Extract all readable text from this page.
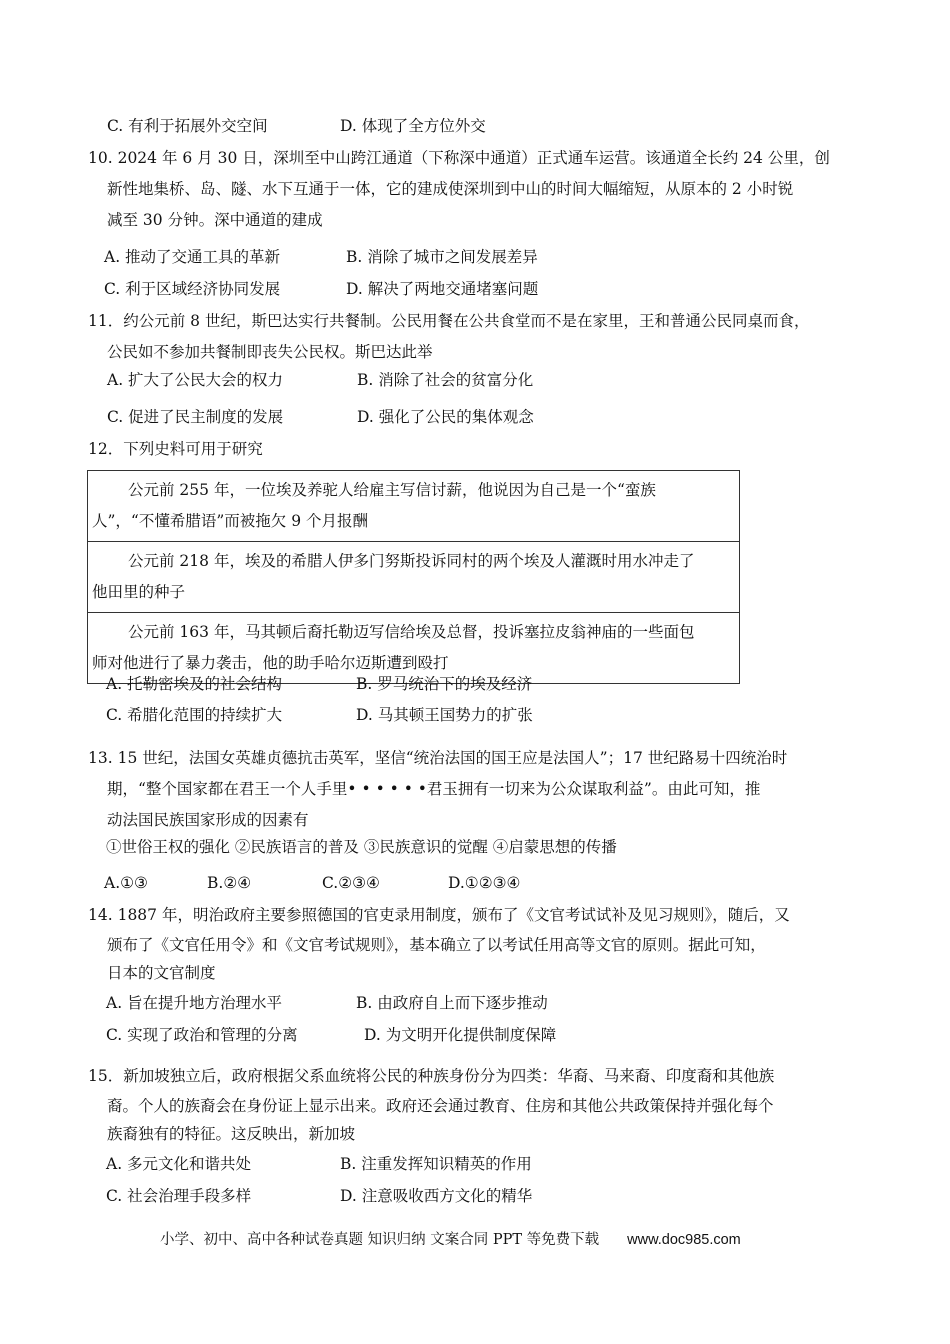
C. 有利于拓展外交空间	D. 体现了全方位外交
10. 2024 年 6 月 30 日，深圳至中山跨江通道（下称深中通道）正式通车运营。该通道全长约 24 公里，创
新性地集桥、岛、隧、水下互通于一体，它的建成使深圳到中山的时间大幅缩短，从原本的 2 小时锐
减至 30 分钟。深中通道的建成
A. 推动了交通工具的革新	B. 消除了城市之间发展差异
C. 利于区域经济协同发展	D. 解决了两地交通堵塞问题
11．约公元前 8 世纪，斯巴达实行共餐制。公民用餐在公共食堂而不是在家里，王和普通公民同桌而食，
公民如不参加共餐制即丧失公民权。斯巴达此举
A. 扩大了公民大会的权力	B. 消除了社会的贫富分化
C. 促进了民主制度的发展	D. 强化了公民的集体观念
12．下列史料可用于研究
公元前 255 年，一位埃及养驼人给雇主写信讨薪，他说因为自己是一个“蛮族
人”，“不懂希腊语”而被拖欠 9 个月报酬
公元前 218 年，埃及的希腊人伊多门努斯投诉同村的两个埃及人灌溉时用水冲走了
他田里的种子
公元前 163 年，马其顿后裔托勒迈写信给埃及总督，投诉塞拉皮翁神庙的一些面包
师对他进行了暴力袭击，他的助手哈尔迈斯遭到殴打
A. 托勒密埃及的社会结构	B. 罗马统治下的埃及经济
C. 希腊化范围的持续扩大	D. 马其顿王国势力的扩张
13. 15 世纪，法国女英雄贞德抗击英军，坚信“统治法国的国王应是法国人”；17 世纪路易十四统治时
期，“整个国家都在君王一个人手里• • • • • •君玉拥有一切来为公众谋取利益”。由此可知，推
动法国民族国家形成的因素有
①世俗王权的强化 ②民族语言的普及 ③民族意识的觉醒 ④启蒙思想的传播
A.①③	B.②④	C.②③④	D.①②③④
14. 1887 年，明治政府主要参照德国的官吏录用制度，颁布了《文官考试试补及见习规则》，随后，又
颁布了《文官任用令》和《文官考试规则》，基本确立了以考试任用高等文官的原则。据此可知，
日本的文官制度
A. 旨在提升地方治理水平	B. 由政府自上而下逐步推动
C. 实现了政治和管理的分离	D. 为文明开化提供制度保障
15．新加坡独立后，政府根据父系血统将公民的种族身份分为四类：华裔、马来裔、印度裔和其他族
裔。个人的族裔会在身份证上显示出来。政府还会通过教育、住房和其他公共政策保持并强化每个
族裔独有的特征。这反映出，新加坡
A. 多元文化和谐共处	B. 注重发挥知识精英的作用
C. 社会治理手段多样	D. 注意吸收西方文化的精华
小学、初中、高中各种试卷真题 知识归纳 文案合同 PPT 等免费下载 www.doc985.com
